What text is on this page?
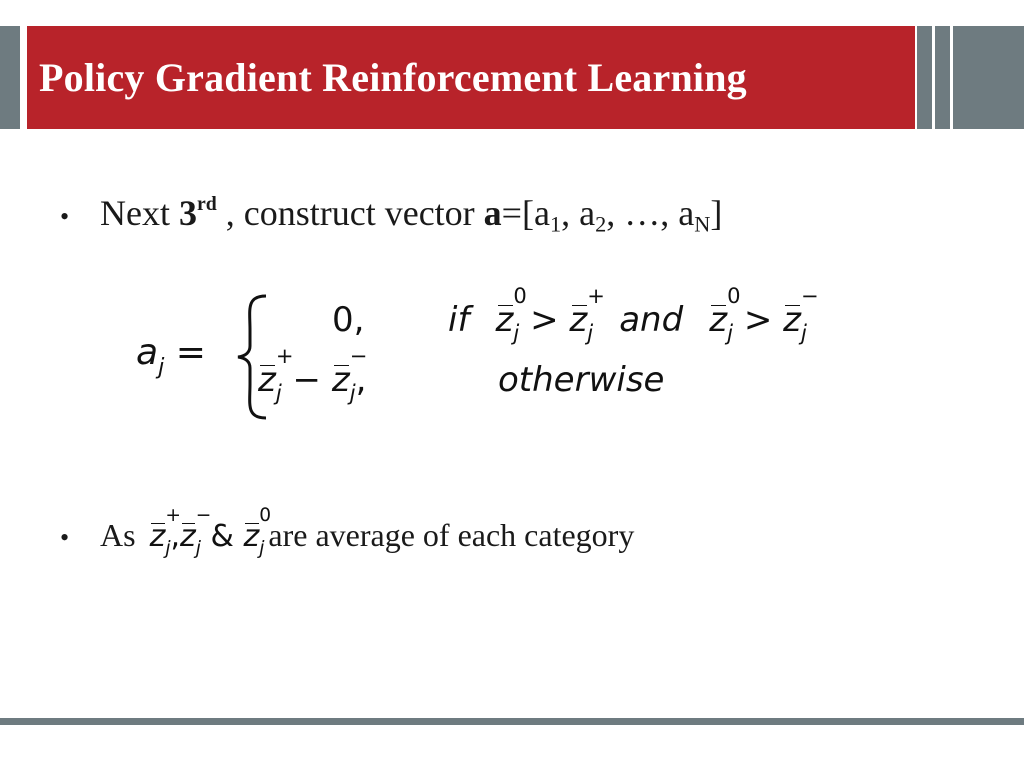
Policy Gradient Reinforcement Learning
• Next 3rd , construct vector $a=[a_1$, $a_2$, …, $a_N$]
aj =
0, if z
0
j > z
+
j and z
0
j > z
−
j
z
+
j − z
−
j,	otherwise
• As z
+
j,z
−
j & z
0
j are average of each category
